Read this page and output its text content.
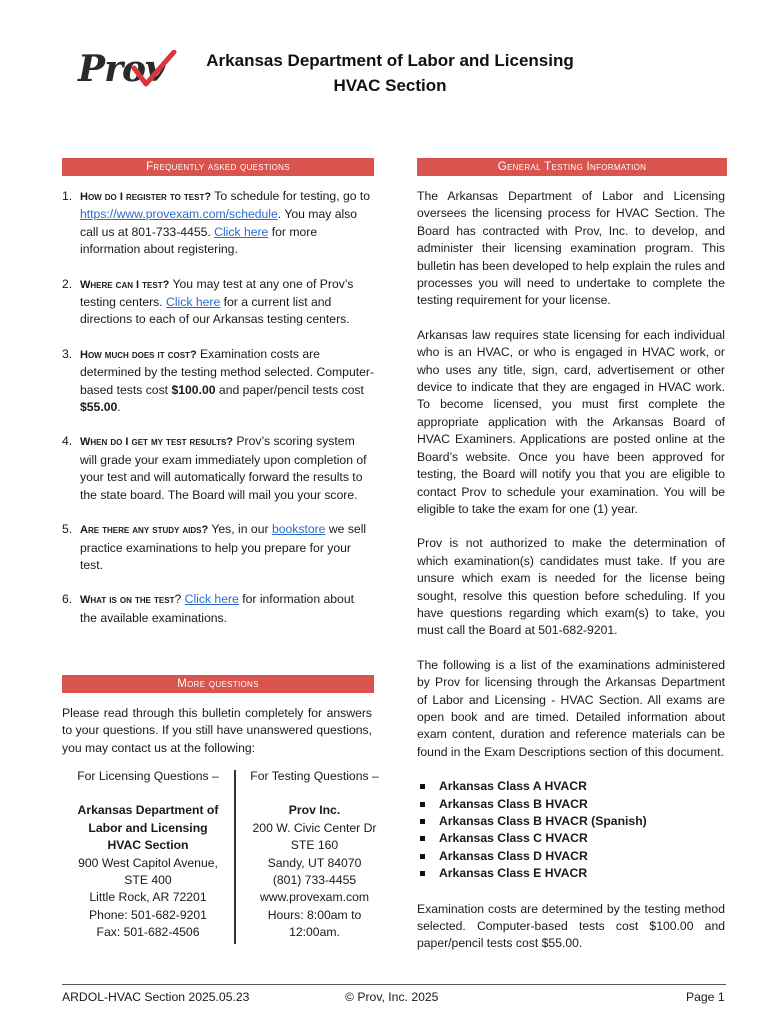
Prov	Arkansas Department of Labor and Licensing
HVAC Section
Frequently asked questions	General Testing Information
More questions
1. How do I register to test? To schedule for testing, go to https://www.provexam.com/schedule. You may also call us at 801-733-4455. Click here for more information about registering.
2. Where can I test? You may test at any one of Prov’s testing centers. Click here for a current list and directions to each of our Arkansas testing centers.
3. How much does it cost? Examination costs are determined by the testing method selected. Computer-based tests cost $100.00 and paper/pencil tests cost $55.00.
4. When do I get my test results? Prov’s scoring system will grade your exam immediately upon completion of your test and will automatically forward the results to the state board. The Board will mail you your score.
5. Are there any study aids? Yes, in our bookstore we sell practice examinations to help you prepare for your test.
6. What is on the test? Click here for information about the available examinations.
Please read through this bulletin completely for answers to your questions. If you still have unanswered questions, you may contact us at the following:
For Licensing Questions –
Arkansas Department of
Labor and Licensing
HVAC Section
900 West Capitol Avenue,
STE 400
Little Rock, AR 72201
Phone: 501-682-9201
Fax: 501-682-4506
For Testing Questions –
Prov Inc.
200 W. Civic Center Dr
STE 160
Sandy, UT 84070
(801) 733-4455
www.provexam.com
Hours: 8:00am to
12:00am.

The Arkansas Department of Labor and Licensing oversees the licensing process for HVAC Section. The Board has contracted with Prov, Inc. to develop, and administer their licensing examination program. This bulletin has been developed to help explain the rules and processes you will need to undertake to complete the testing requirement for your license.

Arkansas law requires state licensing for each individual who is an HVAC, or who is engaged in HVAC work, or who uses any title, sign, card, advertisement or other device to indicate that they are engaged in HVAC work. To become licensed, you must first complete the appropriate application with the Arkansas Board of HVAC Examiners. Applications are posted online at the Board’s website. Once you have been approved for testing, the Board will notify you that you are eligible to contact Prov to schedule your examination. You will be eligible to take the exam for one (1) year.

Prov is not authorized to make the determination of which examination(s) candidates must take. If you are unsure which exam is needed for the license being sought, resolve this question before scheduling. If you have questions regarding which exam(s) to take, you must call the Board at 501-682-9201.

The following is a list of the examinations administered by Prov for licensing through the Arkansas Department of Labor and Licensing - HVAC Section. All exams are open book and are timed. Detailed information about exam content, duration and reference materials can be found in the Exam Descriptions section of this document.

Arkansas Class A HVACR
Arkansas Class B HVACR
Arkansas Class B HVACR (Spanish)
Arkansas Class C HVACR
Arkansas Class D HVACR
Arkansas Class E HVACR

Examination costs are determined by the testing method selected. Computer-based tests cost $100.00 and paper/pencil tests cost $55.00.

ARDOL-HVAC Section 2025.05.23	© Prov, Inc. 2025	Page 1
